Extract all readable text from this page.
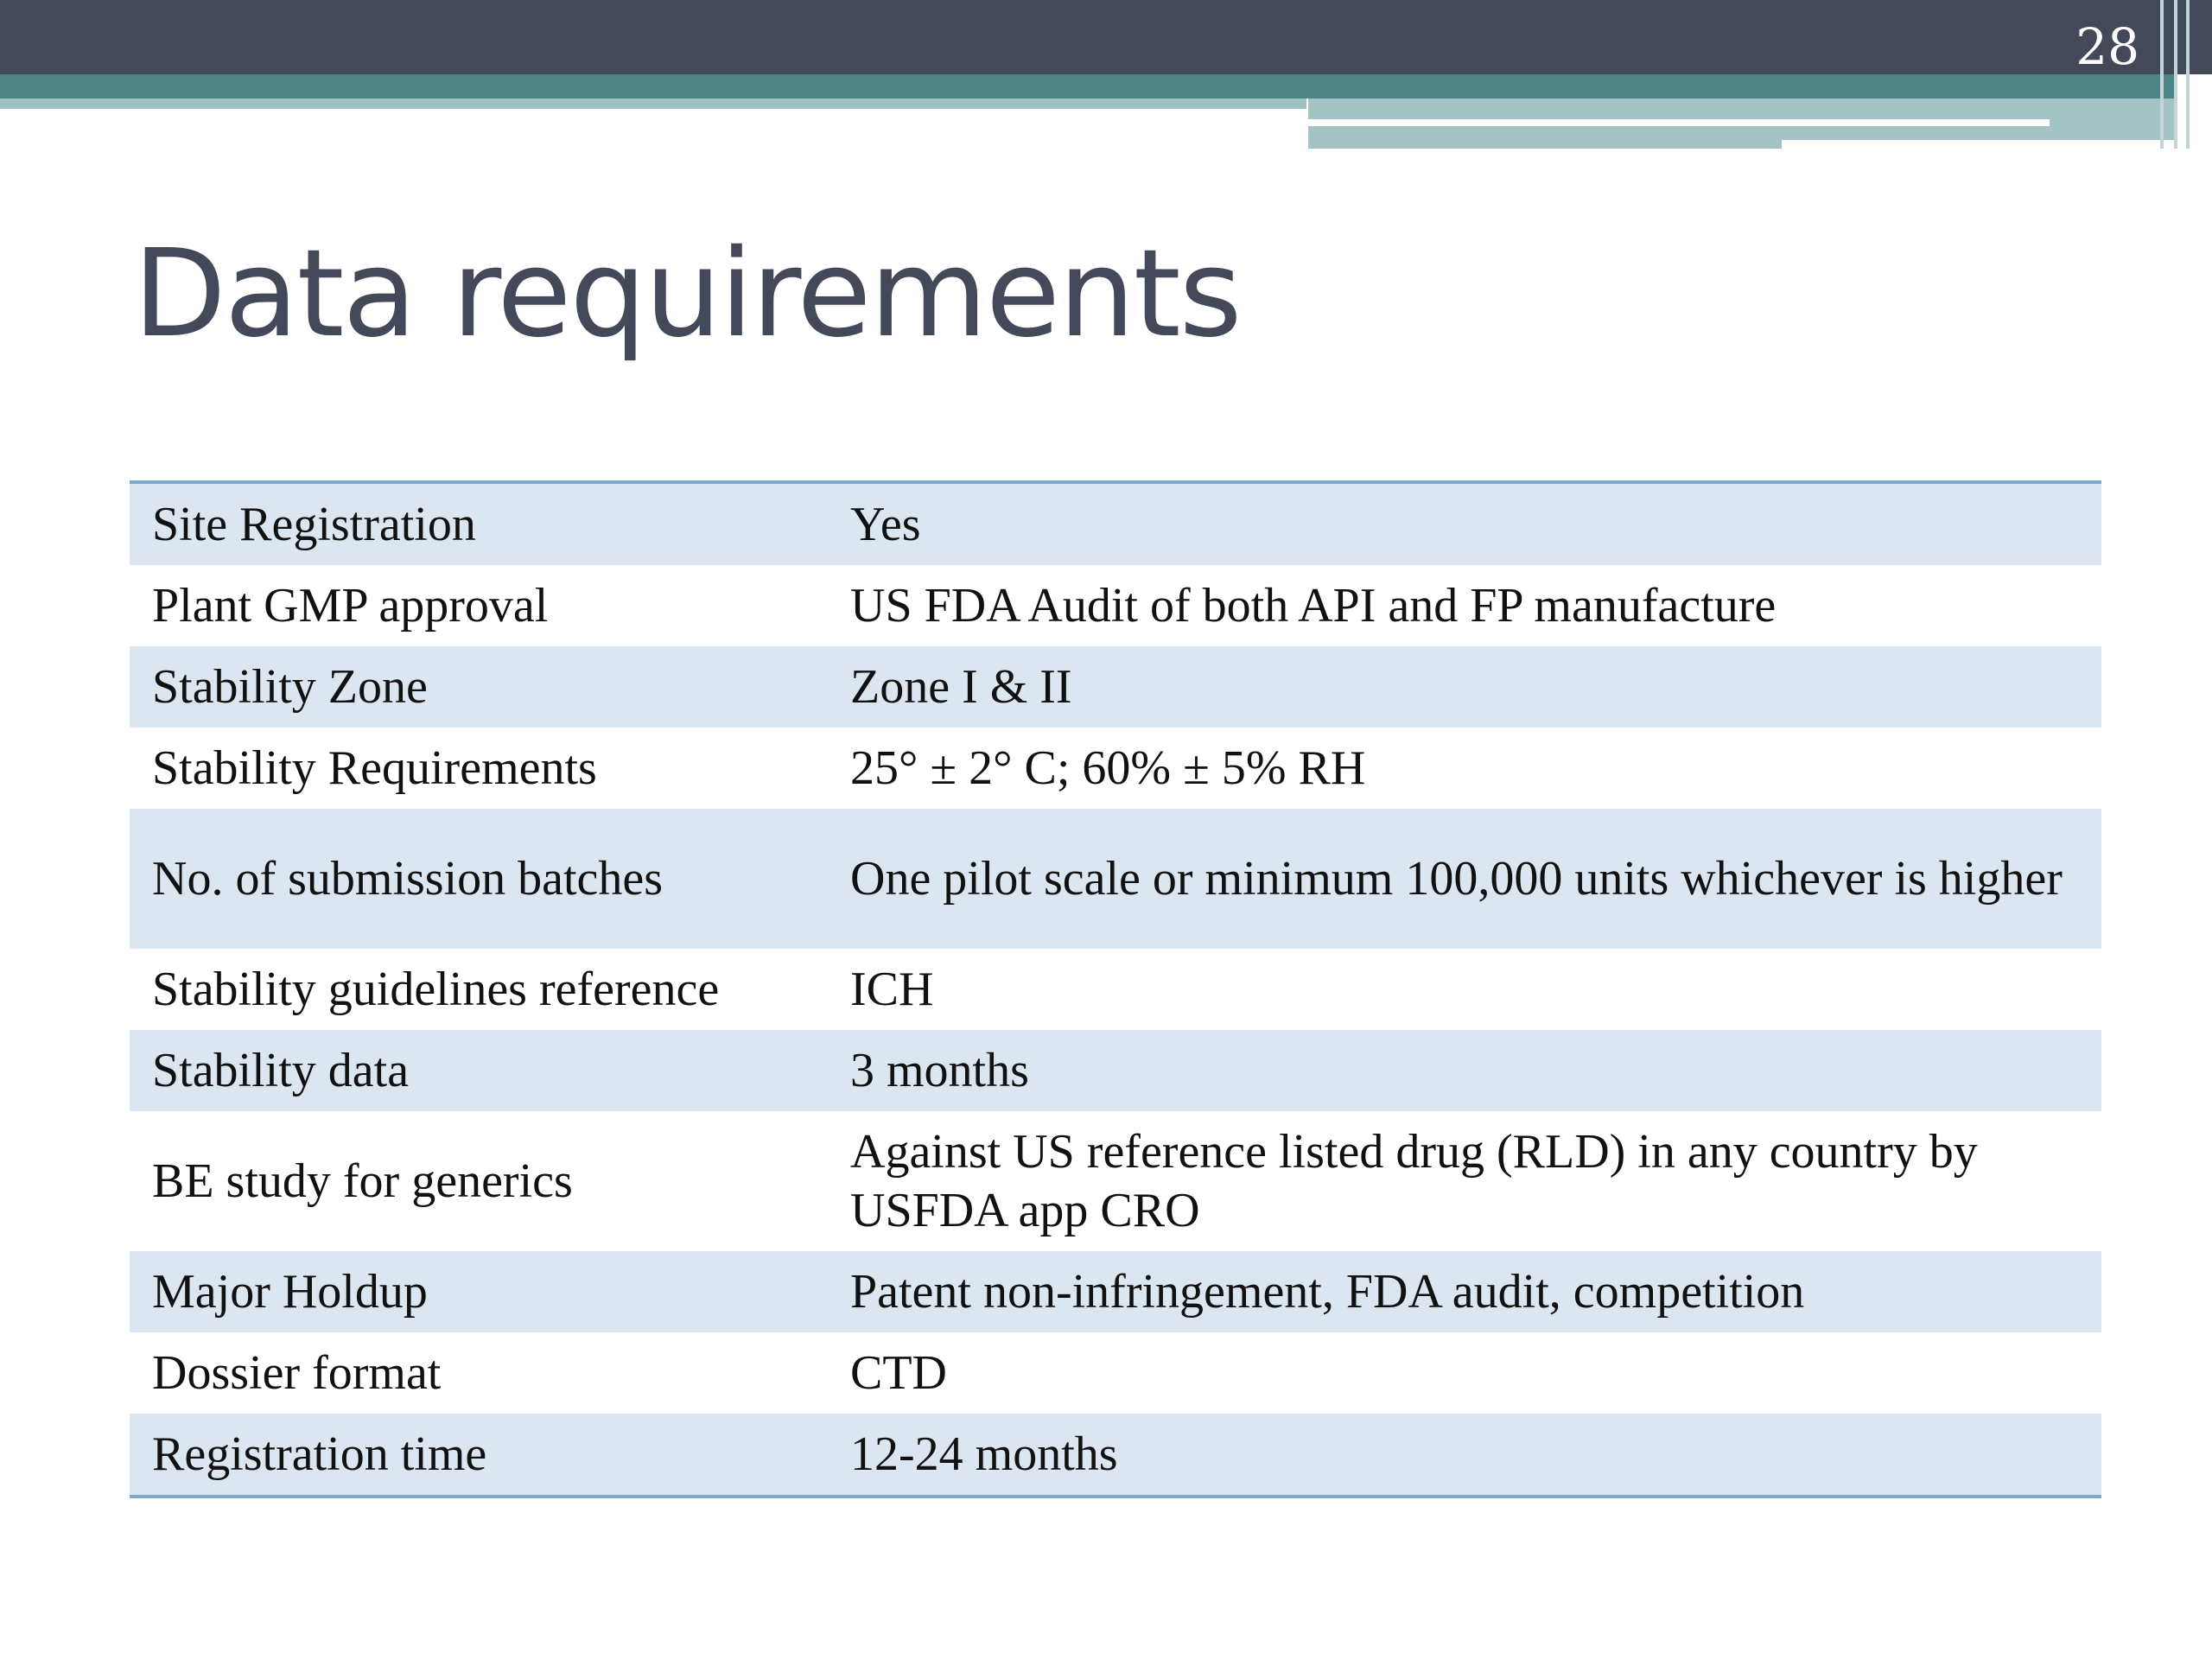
28
Data requirements
Site Registration	Yes
Plant GMP approval	US FDA Audit of both API and FP manufacture
Stability Zone	Zone I & II
Stability Requirements	25° ± 2° C; 60% ± 5% RH
No. of submission batches	One pilot scale or minimum 100,000 units whichever is higher
Stability guidelines reference	ICH
Stability data	3 months
BE study for generics	Against US reference listed drug (RLD) in any country by USFDA app CRO
Major Holdup	Patent non-infringement, FDA audit, competition
Dossier format	CTD
Registration time	12-24 months
